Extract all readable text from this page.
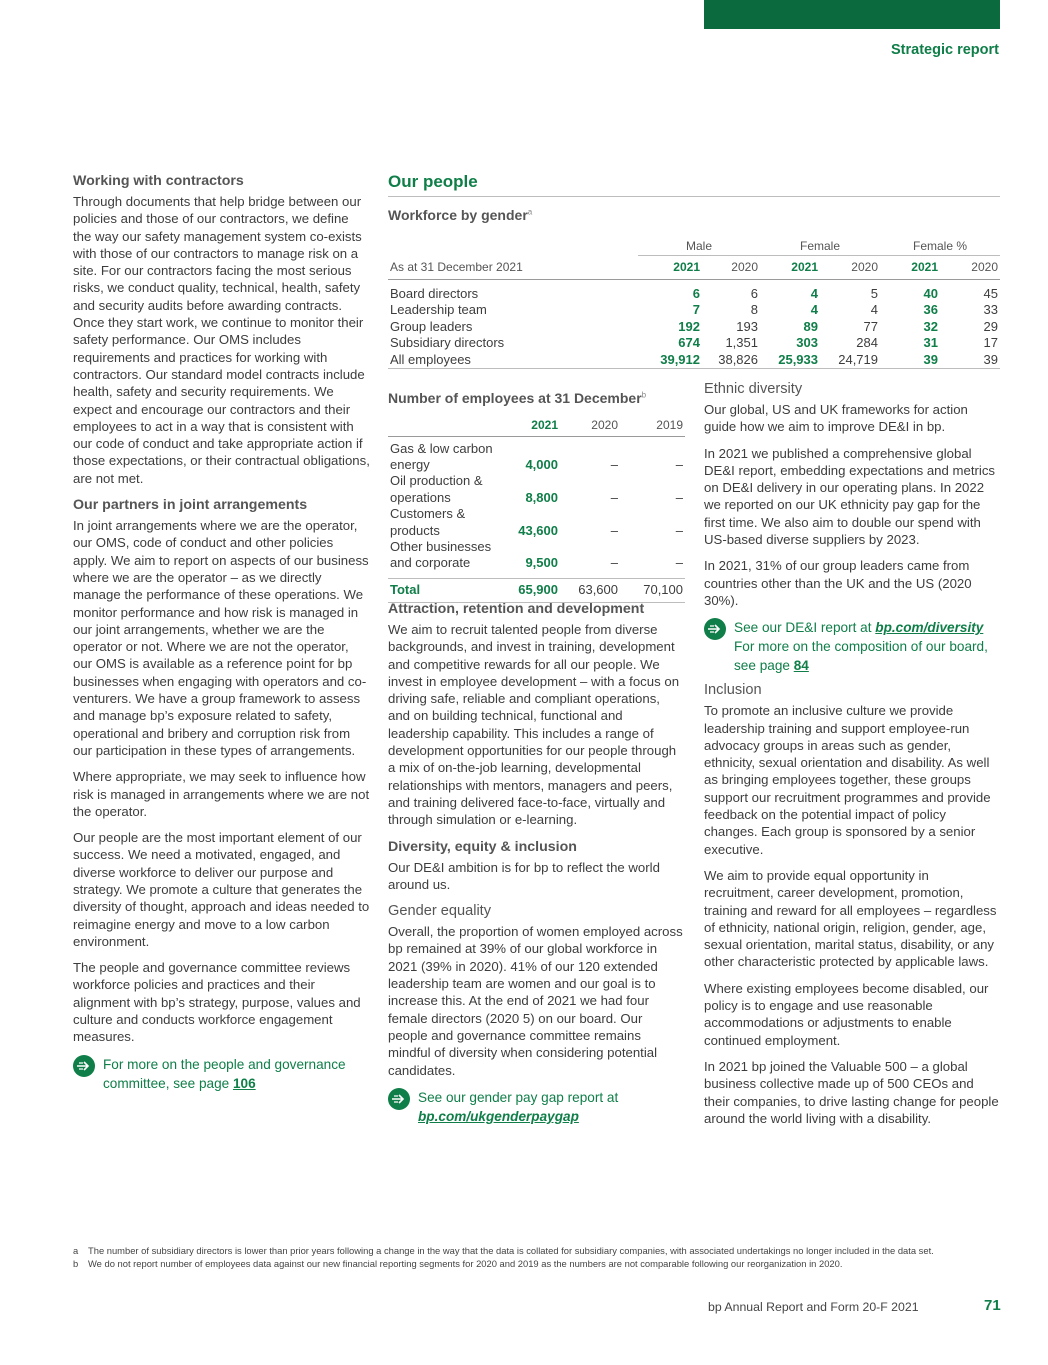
Strategic report
Working with contractors

Through documents that help bridge between our policies and those of our contractors, we define the way our safety management system co-exists with those of our contractors to manage risk on a site. For our contractors facing the most serious risks, we conduct quality, technical, health, safety and security audits before awarding contracts. Once they start work, we continue to monitor their safety performance. Our OMS includes requirements and practices for working with contractors. Our standard model contracts include health, safety and security requirements. We expect and encourage our contractors and their employees to act in a way that is consistent with our code of conduct and take appropriate action if those expectations, or their contractual obligations, are not met.

Our partners in joint arrangements

In joint arrangements where we are the operator, our OMS, code of conduct and other policies apply. We aim to report on aspects of our business where we are the operator – as we directly manage the performance of these operations. We monitor performance and how risk is managed in our joint arrangements, whether we are the operator or not. Where we are not the operator, our OMS is available as a reference point for bp businesses when engaging with operators and co-venturers. We have a group framework to assess and manage bp’s exposure related to safety, operational and bribery and corruption risk from our participation in these types of arrangements.

Where appropriate, we may seek to influence how risk is managed in arrangements where we are not the operator.

Our people are the most important element of our success. We need a motivated, engaged, and diverse workforce to deliver our purpose and strategy. We promote a culture that generates the diversity of thought, approach and ideas needed to reimagine energy and move to a low carbon environment.

The people and governance committee reviews workforce policies and practices and their alignment with bp’s strategy, purpose, values and culture and conducts workforce engagement measures.

For more on the people and governance committee, see page 106
Our people
Workforce by gender$^a$
	Male		Female		Female %	
As at 31 December 2021	2021	2020	2021	2020	2021	2020
Board directors	6	6	4	5	40	45
Leadership team	7	8	4	4	36	33
Group leaders	192	193	89	77	32	29
Subsidiary directors	674	1,351	303	284	31	17
All employees	39,912	38,826	25,933	24,719	39	39
Number of employees at 31 December$^b$
	2021	2020	2019
Gas & low carbon
energy	4,000	–	–
Oil production &
operations	8,800	–	–
Customers &
products	43,600	–	–
Other businesses
and corporate	9,500	–	–
Total	65,900	63,600	70,100
Attraction, retention and development

We aim to recruit talented people from diverse backgrounds, and invest in training, development and competitive rewards for all our people. We invest in employee development – with a focus on driving safe, reliable and compliant operations, and on building technical, functional and leadership capability. This includes a range of development opportunities for our people through a mix of on-the-job learning, developmental relationships with mentors, managers and peers, and training delivered face-to-face, virtually and through simulation or e-learning.

Diversity, equity & inclusion

Our DE&I ambition is for bp to reflect the world around us.

Gender equality

Overall, the proportion of women employed across bp remained at 39% of our global workforce in 2021 (39% in 2020). 41% of our 120 extended leadership team are women and our goal is to increase this. At the end of 2021 we had four female directors (2020 5) on our board. Our people and governance committee remains mindful of diversity when considering potential candidates.

See our gender pay gap report at
bp.com/ukgenderpaygap
Ethnic diversity

Our global, US and UK frameworks for action guide how we aim to improve DE&I in bp.

In 2021 we published a comprehensive global DE&I report, embedding expectations and metrics on DE&I delivery in our operating plans. In 2022 we reported on our UK ethnicity pay gap for the first time. We also aim to double our spend with US-based diverse suppliers by 2023.

In 2021, 31% of our group leaders came from countries other than the UK and the US (2020 30%).

See our DE&I report at bp.com/diversity
For more on the composition of our board, see page 84
Inclusion

To promote an inclusive culture we provide leadership training and support employee-run advocacy groups in areas such as gender, ethnicity, sexual orientation and disability. As well as bringing employees together, these groups support our recruitment programmes and provide feedback on the potential impact of policy changes. Each group is sponsored by a senior executive.

We aim to provide equal opportunity in recruitment, career development, promotion, training and reward for all employees – regardless of ethnicity, national origin, religion, gender, age, sexual orientation, marital status, disability, or any other characteristic protected by applicable laws.

Where existing employees become disabled, our policy is to engage and use reasonable accommodations or adjustments to enable continued employment.

In 2021 bp joined the Valuable 500 – a global business collective made up of 500 CEOs and their companies, to drive lasting change for people around the world living with a disability.

a	The number of subsidiary directors is lower than prior years following a change in the way that the data is collated for subsidiary companies, with associated undertakings no longer included in the data set.
b	We do not report number of employees data against our new financial reporting segments for 2020 and 2019 as the numbers are not comparable following our reorganization in 2020.
bp Annual Report and Form 20-F 2021	71
